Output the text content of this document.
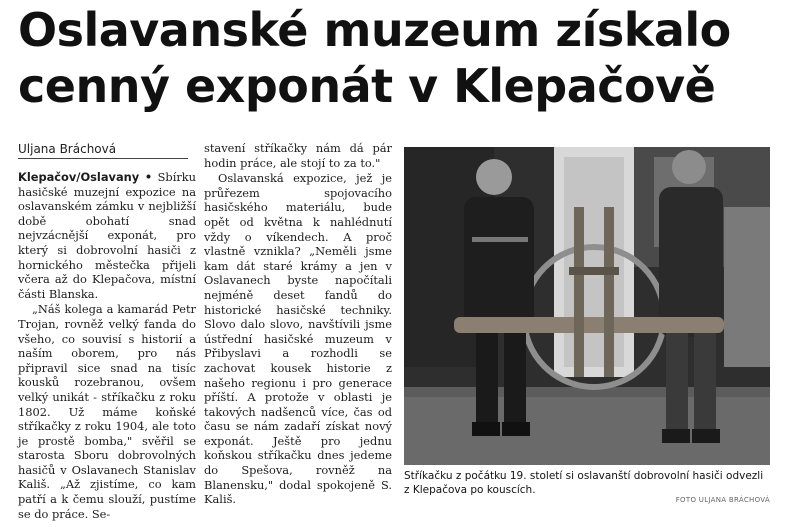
Oslavanské muzeum získalo
cenný exponát v Klepačově
Uljana Bráchová

Klepačov/Oslavany • Sbírku hasičské muzejní expozice na oslavanském zámku v nejbližší době obohatí snad nejvzácnější exponát, pro který si dobrovolní hasiči z hornického městečka přijeli včera až do Klepačova, místní části Blanska.

„Náš kolega a kamarád Petr Trojan, rovněž velký fanda do všeho, co souvisí s historií a naším oborem, pro nás připravil sice snad na tisíc kousků rozebranou, ovšem velký unikát - stříkačku z roku 1802. Už máme koňské stříkačky z roku 1904, ale toto je prostě bomba," svěřil se starosta Sboru dobrovolných hasičů v Oslavanech Stanislav Kališ. „Až zjistíme, co kam patří a k čemu slouží, pustíme se do práce. Se-

stavení stříkačky nám dá pár hodin práce, ale stojí to za to."

Oslavanská expozice, jež je průřezem spojovacího hasičského materiálu, bude opět od května k nahlédnutí vždy o víkendech. A proč vlastně vznikla? „Neměli jsme kam dát staré krámy a jen v Oslavanech byste napočítali nejméně deset fandů do historické hasičské techniky. Slovo dalo slovo, navštívili jsme ústřední hasičské muzeum v Přibyslavi a rozhodli se zachovat kousek historie z našeho regionu i pro generace příští. A protože v oblasti je takových nadšenců více, čas od času se nám zadaří získat nový exponát. Ještě pro jednu koňskou stříkačku dnes jedeme do Spešova, rovněž na Blanensku," dodal spokojeně S. Kališ.

Stříkačku z počátku 19. století si oslavanští dobrovolní hasiči odvezli z Klepačova po kouscích.
FOTO ULJANA BRÁCHOVÁ
